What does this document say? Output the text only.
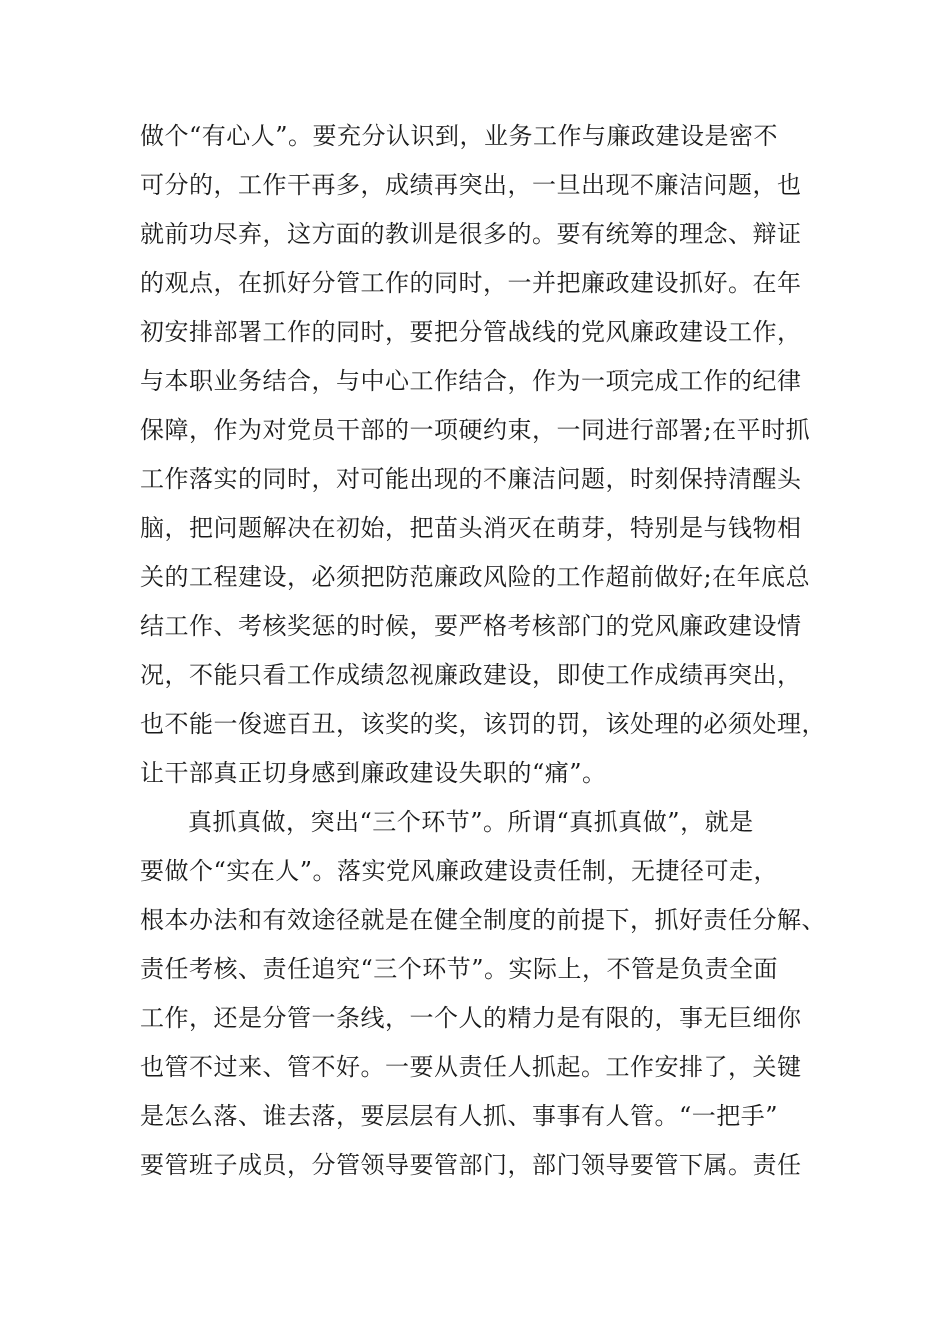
做个“有心人”。要充分认识到，业务工作与廉政建设是密不
可分的，工作干再多，成绩再突出，一旦出现不廉洁问题，也
就前功尽弃，这方面的教训是很多的。要有统筹的理念、辩证
的观点，在抓好分管工作的同时，一并把廉政建设抓好。在年
初安排部署工作的同时，要把分管战线的党风廉政建设工作，
与本职业务结合，与中心工作结合，作为一项完成工作的纪律
保障，作为对党员干部的一项硬约束，一同进行部署;在平时抓
工作落实的同时，对可能出现的不廉洁问题，时刻保持清醒头
脑，把问题解决在初始，把苗头消灭在萌芽，特别是与钱物相
关的工程建设，必须把防范廉政风险的工作超前做好;在年底总
结工作、考核奖惩的时候，要严格考核部门的党风廉政建设情
况，不能只看工作成绩忽视廉政建设，即使工作成绩再突出，
也不能一俊遮百丑，该奖的奖，该罚的罚，该处理的必须处理，
让干部真正切身感到廉政建设失职的“痛”。
真抓真做，突出“三个环节”。所谓“真抓真做”，就是
要做个“实在人”。落实党风廉政建设责任制，无捷径可走，
根本办法和有效途径就是在健全制度的前提下，抓好责任分解、
责任考核、责任追究“三个环节”。实际上，不管是负责全面
工作，还是分管一条线，一个人的精力是有限的，事无巨细你
也管不过来、管不好。一要从责任人抓起。工作安排了，关键
是怎么落、谁去落，要层层有人抓、事事有人管。“一把手”
要管班子成员，分管领导要管部门，部门领导要管下属。责任
